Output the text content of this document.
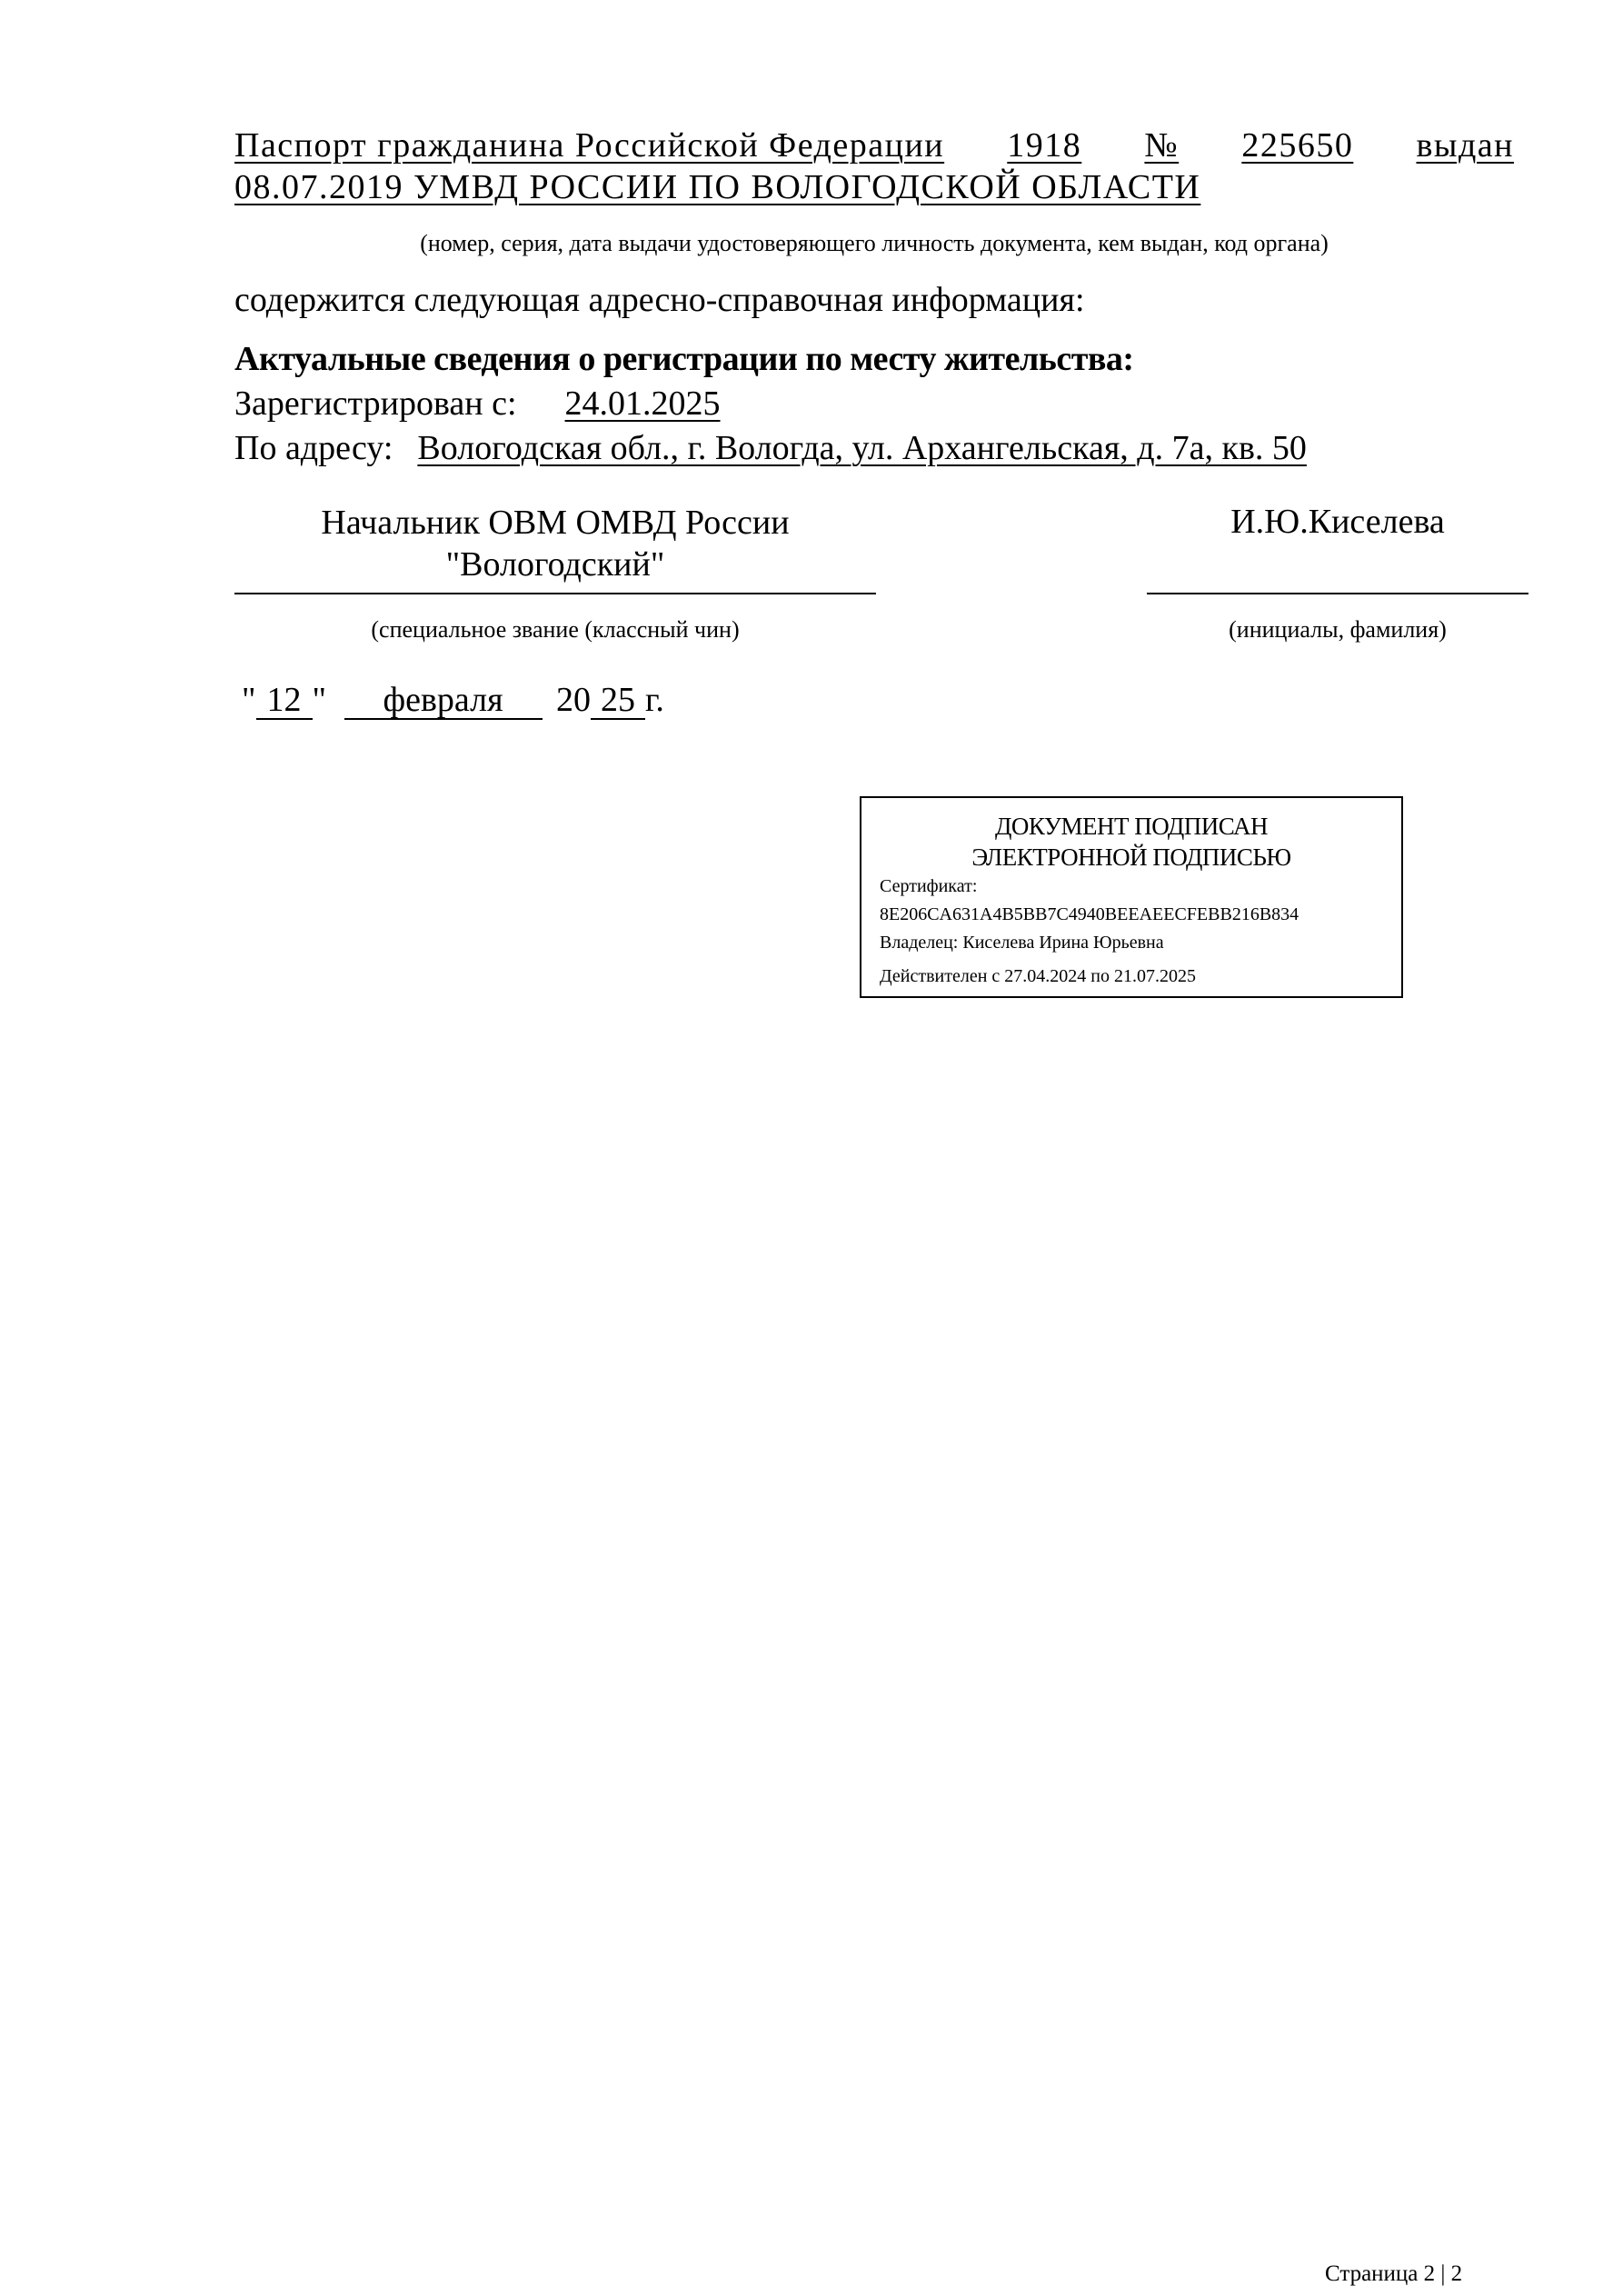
Паспорт гражданина Российской Федерации 1918 № 225650 выдан
08.07.2019 УМВД РОССИИ ПО ВОЛОГОДСКОЙ ОБЛАСТИ
(номер, серия, дата выдачи удостоверяющего личность документа, кем выдан, код органа)
содержится следующая адресно-справочная информация:
Актуальные сведения о регистрации по месту жительства:
Зарегистрирован с: 24.01.2025
По адресу: Вологодская обл., г. Вологда, ул. Архангельская, д. 7а, кв. 50
Начальник ОВМ ОМВД России
"Вологодский"
(специальное звание (классный чин)
И.Ю.Киселева
(инициалы, фамилия)
" 12 " февраля 20 25 г.
ДОКУМЕНТ ПОДПИСАН
ЭЛЕКТРОННОЙ ПОДПИСЬЮ
Сертификат:
8E206CA631A4B5BB7C4940BEEAEECFEBB216B834
Владелец: Киселева Ирина Юрьевна
Действителен с 27.04.2024 по 21.07.2025
Страница 2 | 2
